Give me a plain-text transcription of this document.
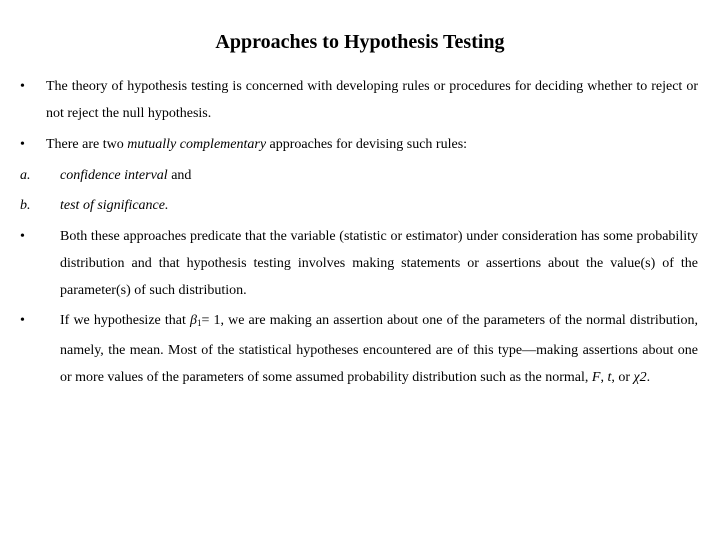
Approaches to Hypothesis Testing
• The theory of hypothesis testing is concerned with developing rules or procedures for deciding whether to reject or not reject the null hypothesis.
• There are two mutually complementary approaches for devising such rules:
a. confidence interval and
b. test of significance.
•	Both these approaches predicate that the variable (statistic or estimator) under consideration has some probability distribution and that hypothesis testing involves making statements or assertions about the value(s) of the parameter(s) of such distribution.
•	If we hypothesize that $\beta_1= 1$, we are making an assertion about one of the parameters of the normal distribution, namely, the mean. Most of the statistical hypotheses encountered are of this type—making assertions about one or more values of the parameters of some assumed probability distribution such as the normal, F, t, or χ2.
